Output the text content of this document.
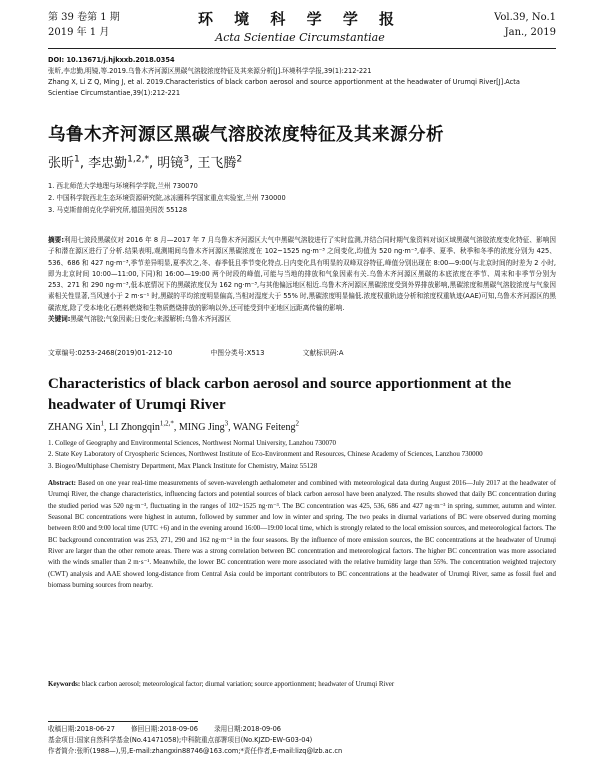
第 39 卷第 1 期
2019 年 1 月
环 境 科 学 学 报
Acta Scientiae Circumstantiae
Vol.39, No.1
Jan., 2019
DOI: 10.13671/j.hjkxxb.2018.0354
张昕,李忠勤,明镜,等.2019.乌鲁木齐河源区黑碳气溶胶浓度特征及其来源分析[J].环境科学学报,39(1):212-221
Zhang X, Li Z Q, Ming J, et al. 2019.Characteristics of black carbon aerosol and source apportionment at the headwater of Urumqi River[J].Acta
Scientiae Circumstantiae,39(1):212-221
乌鲁木齐河源区黑碳气溶胶浓度特征及其来源分析
张昕$^1$, 李忠勤$^{1,2,*}$, 明镜$^3$, 王飞腾$^2$
1. 西北师范大学地理与环境科学学院,兰州 730070
2. 中国科学院西北生态环境资源研究院,冰冻圈科学国家重点实验室,兰州 730000
3. 马克斯普朗克化学研究所,德国美因茨 55128
摘要:利用七波段黑碳仪对 2016 年 8 月—2017 年 7 月乌鲁木齐河源区大气中黑碳气溶胶进行了实时监测,并结合同时期气象资料对该区域黑碳气溶胶浓度变化特征、影响因子和潜在源区进行了分析.结果表明,观测期间乌鲁木齐河源区黑碳浓度在 102~1525 ng·m⁻³ 之间变化,均值为 520 ng·m⁻³,春季、夏季、秋季和冬季的浓度分别为 425、536、686 和 427 ng·m⁻³,季节差异明显,夏季次之,冬、春季低且季节变化特点.日内变化具有明显的双峰双谷特征,峰值分别出现在 8:00—9:00(与北京时间的时差为 2 小时,即为北京时间 10:00—11:00,下同)和 16:00—19:00 两个时段的峰值,可能与当地的排放和气象因素有关.乌鲁木齐河源区黑碳的本底浓度在季节、周末和非季节分别为 253、271 和 290 ng·m⁻³,低本底情况下的黑碳浓度仅为 162 ng·m⁻³,与其他偏远地区相近.乌鲁木齐河源区黑碳浓度受到外界排放影响,黑碳浓度和黑碳气溶胶浓度与气象因素相关性显著,当风速小于 2 m·s⁻¹ 时,黑碳的平均浓度明显偏高,当相对湿度大于 55% 时,黑碳浓度明显偏低.浓度权重轨迹分析和浓度权重轨迹(AAE)可知,乌鲁木齐河源区的黑碳浓度,除了受本地化石燃料燃烧和生物质燃烧排放的影响以外,还可能受到中亚地区远距离传输的影响.
关键词:黑碳气溶胶;气象因素;日变化;来源解析;乌鲁木齐河源区
文章编号:0253-2468(2019)01-212-10	中图分类号:X513	文献标识码:A
Characteristics of black carbon aerosol and source apportionment at the headwater of Urumqi River
ZHANG Xin$^1$, LI Zhongqin$^{1,2,*}$, MING Jing$^3$, WANG Feiteng$^2$
1. College of Geography and Environmental Sciences, Northwest Normal University, Lanzhou 730070
2. State Key Laboratory of Cryospheric Sciences, Northwest Institute of Eco-Environment and Resources, Chinese Academy of Sciences, Lanzhou 730000
3. Biogeo/Multiphase Chemistry Department, Max Planck Institute for Chemistry, Mainz 55128
Abstract: Based on one year real-time measurements of seven-wavelength aethalometer and combined with meteorological data during August 2016—July 2017 at the headwater of Urumqi River, the change characteristics, influencing factors and potential sources of black carbon aerosol have been analyzed. The results showed that daily BC concentration during the studied period was 520 ng·m⁻³, fluctuating in the ranges of 102~1525 ng·m⁻³. The BC concentration was 425, 536, 686 and 427 ng·m⁻³ in spring, summer, autumn and winter. Seasonal BC concentrations were highest in autumn, followed by summer and low in winter and spring. The two peaks in diurnal variations of BC were observed during morning between 8:00 and 9:00 local time (UTC +6) and in the evening around 16:00—19:00 local time, which is strongly related to the local emission sources, and meteorological factors. The BC background concentration was 253, 271, 290 and 162 ng·m⁻³ in the four seasons. By the influence of more emission sources, the BC concentrations at the headwater of Urumqi River are larger than the other remote areas. There was a strong correlation between BC concentration and meteorological factors. The higher BC concentration was more associated with the winds smaller than 2 m·s⁻¹. Meanwhile, the lower BC concentration were more associated with the relative humidity large than 55%. The concentration weighted trajectory (CWT) analysis and AAE showed long-distance from Central Asia could be important contributors to BC concentrations at the headwater of Urumqi River, same as fossil fuel and biomass burning sources from nearby.
Keywords: black carbon aerosol; meteorological factor; diurnal variation; source apportionment; headwater of Urumqi River
收稿日期:2018-06-27 修回日期:2018-09-06 录用日期:2018-09-06
基金项目:国家自然科学基金(No.41471058);中科院重点部署项目(No.KJZD-EW-G03-04)
作者简介:张昕(1988—),男,E-mail:zhangxin88746@163.com;*责任作者,E-mail:lizq@lzb.ac.cn
